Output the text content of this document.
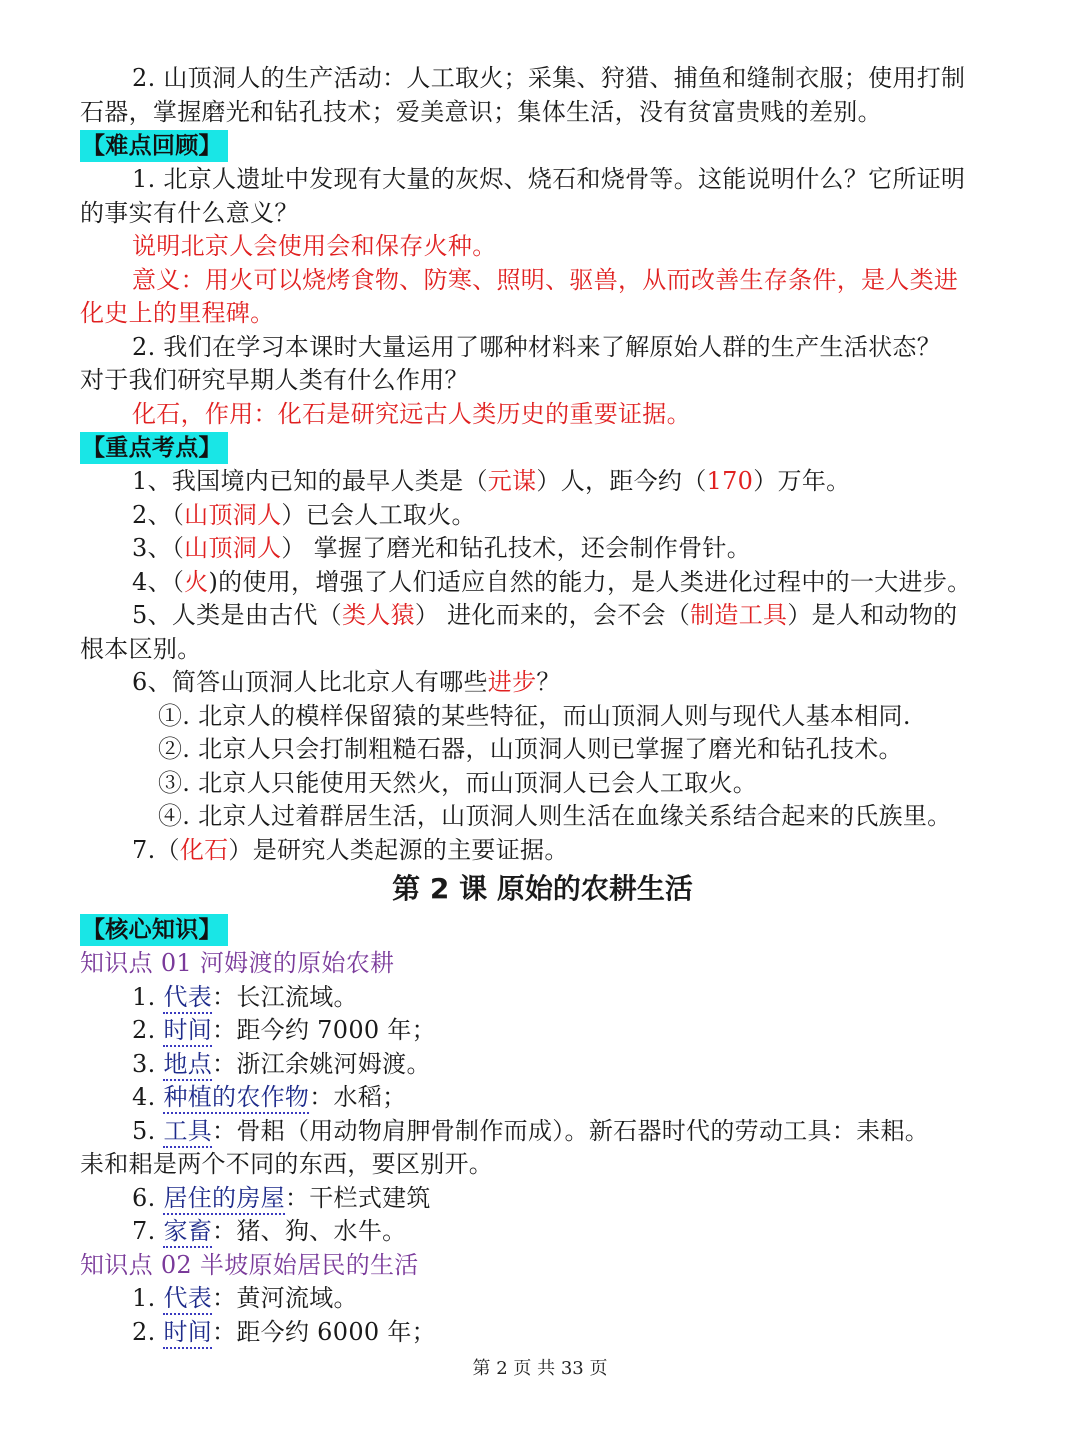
2. 山顶洞人的生产活动：人工取火；采集、狩猎、捕鱼和缝制衣服；使用打制
石器，掌握磨光和钻孔技术；爱美意识；集体生活，没有贫富贵贱的差别。
【难点回顾】
1. 北京人遗址中发现有大量的灰烬、烧石和烧骨等。这能说明什么？它所证明
的事实有什么意义？
说明北京人会使用会和保存火种。
意义：用火可以烧烤食物、防寒、照明、驱兽，从而改善生存条件，是人类进
化史上的里程碑。
2. 我们在学习本课时大量运用了哪种材料来了解原始人群的生产生活状态？
对于我们研究早期人类有什么作用？
化石，作用：化石是研究远古人类历史的重要证据。
【重点考点】
1、我国境内已知的最早人类是（元谋）人，距今约（170）万年。
2、（山顶洞人）已会人工取火。
3、（山顶洞人） 掌握了磨光和钻孔技术，还会制作骨针。
4、（火)的使用，增强了人们适应自然的能力，是人类进化过程中的一大进步。
5、人类是由古代（类人猿） 进化而来的，会不会（制造工具）是人和动物的
根本区别。
6、简答山顶洞人比北京人有哪些进步？
①. 北京人的模样保留猿的某些特征，而山顶洞人则与现代人基本相同.
②. 北京人只会打制粗糙石器，山顶洞人则已掌握了磨光和钻孔技术。
③. 北京人只能使用天然火，而山顶洞人已会人工取火。
④. 北京人过着群居生活，山顶洞人则生活在血缘关系结合起来的氏族里。
7.（化石）是研究人类起源的主要证据。
第 2 课 原始的农耕生活
【核心知识】
知识点 01 河姆渡的原始农耕
1. 代表：长江流域。
2. 时间：距今约 7000 年；
3. 地点：浙江余姚河姆渡。
4. 种植的农作物：水稻；
5. 工具：骨耜（用动物肩胛骨制作而成）。新石器时代的劳动工具：耒耜。
耒和耜是两个不同的东西，要区别开。
6. 居住的房屋：干栏式建筑
7. 家畜：猪、狗、水牛。
知识点 02 半坡原始居民的生活
1. 代表：黄河流域。
2. 时间：距今约 6000 年；
第 2 页 共 33 页
